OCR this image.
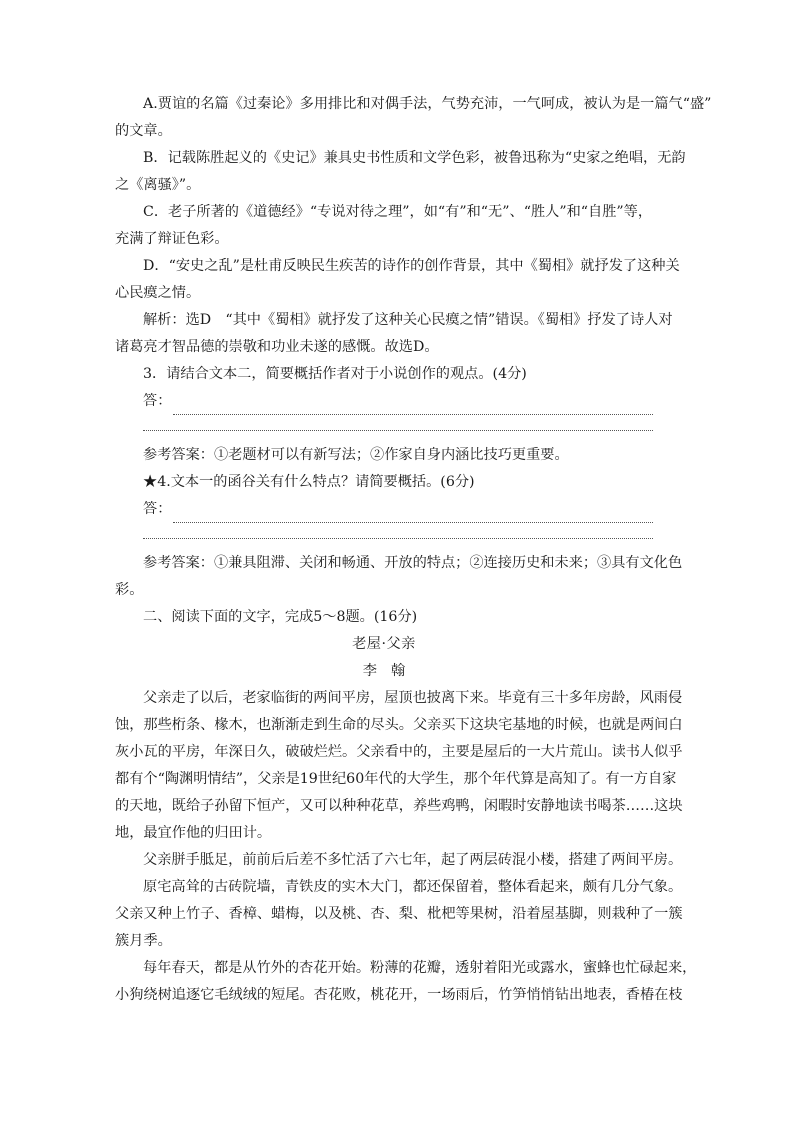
A.贾谊的名篇《过秦论》多用排比和对偶手法，气势充沛，一气呵成，被认为是一篇气“盛”
的文章。
B．记载陈胜起义的《史记》兼具史书性质和文学色彩，被鲁迅称为“史家之绝唱，无韵
之《离骚》”。
C．老子所著的《道德经》“专说对待之理”，如“有”和“无”、“胜人”和“自胜”等，
充满了辩证色彩。
D．“安史之乱”是杜甫反映民生疾苦的诗作的创作背景，其中《蜀相》就抒发了这种关
心民瘼之情。
解析：选D　“其中《蜀相》就抒发了这种关心民瘼之情”错误。《蜀相》抒发了诗人对
诸葛亮才智品德的崇敬和功业未遂的感慨。故选D。
3．请结合文本二，简要概括作者对于小说创作的观点。(4分)
答：
参考答案：①老题材可以有新写法；②作家自身内涵比技巧更重要。
★4.文本一的函谷关有什么特点？请简要概括。(6分)
答：
参考答案：①兼具阻滞、关闭和畅通、开放的特点；②连接历史和未来；③具有文化色
彩。
二、阅读下面的文字，完成5～8题。(16分)
老屋·父亲
李翰
父亲走了以后，老家临街的两间平房，屋顶也披离下来。毕竟有三十多年房龄，风雨侵
蚀，那些桁条、椽木，也渐渐走到生命的尽头。父亲买下这块宅基地的时候，也就是两间白
灰小瓦的平房，年深日久，破破烂烂。父亲看中的，主要是屋后的一大片荒山。读书人似乎
都有个“陶渊明情结”，父亲是19世纪60年代的大学生，那个年代算是高知了。有一方自家
的天地，既给子孙留下恒产，又可以种种花草，养些鸡鸭，闲暇时安静地读书喝茶……这块
地，最宜作他的归田计。
父亲胼手胝足，前前后后差不多忙活了六七年，起了两层砖混小楼，搭建了两间平房。
原宅高耸的古砖院墙，青铁皮的实木大门，都还保留着，整体看起来，颇有几分气象。
父亲又种上竹子、香樟、蜡梅，以及桃、杏、梨、枇杷等果树，沿着屋基脚，则栽种了一簇
簇月季。
每年春天，都是从竹外的杏花开始。粉薄的花瓣，透射着阳光或露水，蜜蜂也忙碌起来，
小狗绕树追逐它毛绒绒的短尾。杏花败，桃花开，一场雨后，竹笋悄悄钻出地表，香椿在枝
